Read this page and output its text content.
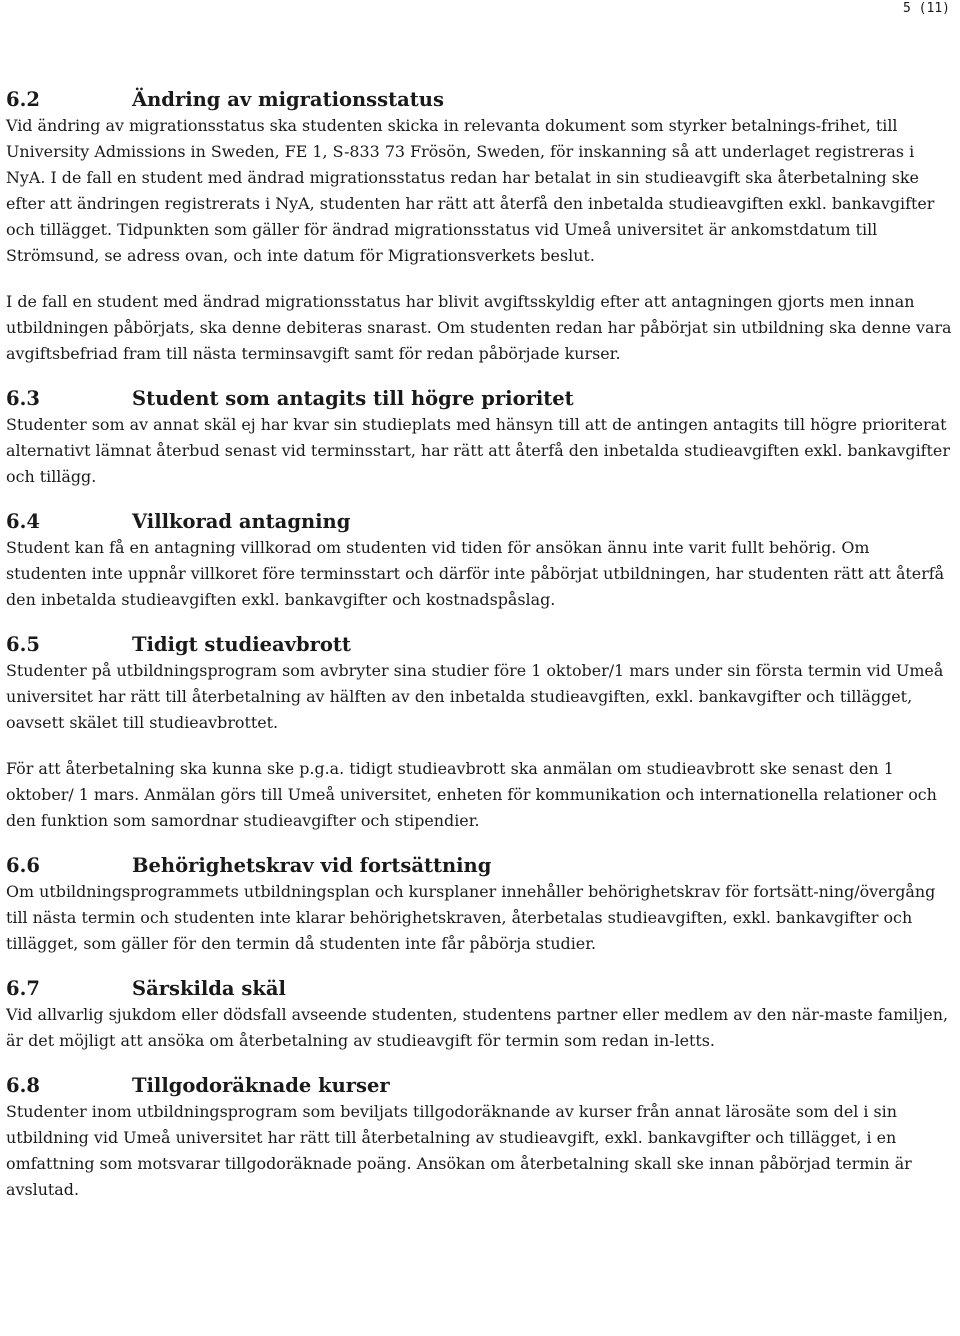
5 (11)
6.2	Ändring av migrationsstatus

Vid ändring av migrationsstatus ska studenten skicka in relevanta dokument som styrker betalnings-frihet, till University Admissions in Sweden, FE 1, S-833 73 Frösön, Sweden, för inskanning så att underlaget registreras i NyA. I de fall en student med ändrad migrationsstatus redan har betalat in sin studieavgift ska återbetalning ske efter att ändringen registrerats i NyA, studenten har rätt att återfå den inbetalda studieavgiften exkl. bankavgifter och tillägget. Tidpunkten som gäller för ändrad migrationsstatus vid Umeå universitet är ankomstdatum till Strömsund, se adress ovan, och inte datum för Migrationsverkets beslut.

I de fall en student med ändrad migrationsstatus har blivit avgiftsskyldig efter att antagningen gjorts men innan utbildningen påbörjats, ska denne debiteras snarast. Om studenten redan har påbörjat sin utbildning ska denne vara avgiftsbefriad fram till nästa terminsavgift samt för redan påbörjade kurser.

6.3	Student som antagits till högre prioritet

Studenter som av annat skäl ej har kvar sin studieplats med hänsyn till att de antingen antagits till högre prioriterat alternativt lämnat återbud senast vid terminsstart, har rätt att återfå den inbetalda studieavgiften exkl. bankavgifter och tillägg.

6.4	Villkorad antagning

Student kan få en antagning villkorad om studenten vid tiden för ansökan ännu inte varit fullt behörig. Om studenten inte uppnår villkoret före terminsstart och därför inte påbörjat utbildningen, har studenten rätt att återfå den inbetalda studieavgiften exkl. bankavgifter och kostnadspåslag.

6.5	Tidigt studieavbrott

Studenter på utbildningsprogram som avbryter sina studier före 1 oktober/1 mars under sin första termin vid Umeå universitet har rätt till återbetalning av hälften av den inbetalda studieavgiften, exkl. bankavgifter och tillägget, oavsett skälet till studieavbrottet.

För att återbetalning ska kunna ske p.g.a. tidigt studieavbrott ska anmälan om studieavbrott ske senast den 1 oktober/ 1 mars. Anmälan görs till Umeå universitet, enheten för kommunikation och internationella relationer och den funktion som samordnar studieavgifter och stipendier.

6.6	Behörighetskrav vid fortsättning

Om utbildningsprogrammets utbildningsplan och kursplaner innehåller behörighetskrav för fortsätt-ning/övergång till nästa termin och studenten inte klarar behörighetskraven, återbetalas studieavgiften, exkl. bankavgifter och tillägget, som gäller för den termin då studenten inte får påbörja studier.

6.7	Särskilda skäl

Vid allvarlig sjukdom eller dödsfall avseende studenten, studentens partner eller medlem av den när-maste familjen, är det möjligt att ansöka om återbetalning av studieavgift för termin som redan in-letts.

6.8	Tillgodoräknade kurser

Studenter inom utbildningsprogram som beviljats tillgodoräknande av kurser från annat lärosäte som del i sin utbildning vid Umeå universitet har rätt till återbetalning av studieavgift, exkl. bankavgifter och tillägget, i en omfattning som motsvarar tillgodoräknade poäng. Ansökan om återbetalning skall ske innan påbörjad termin är avslutad.
